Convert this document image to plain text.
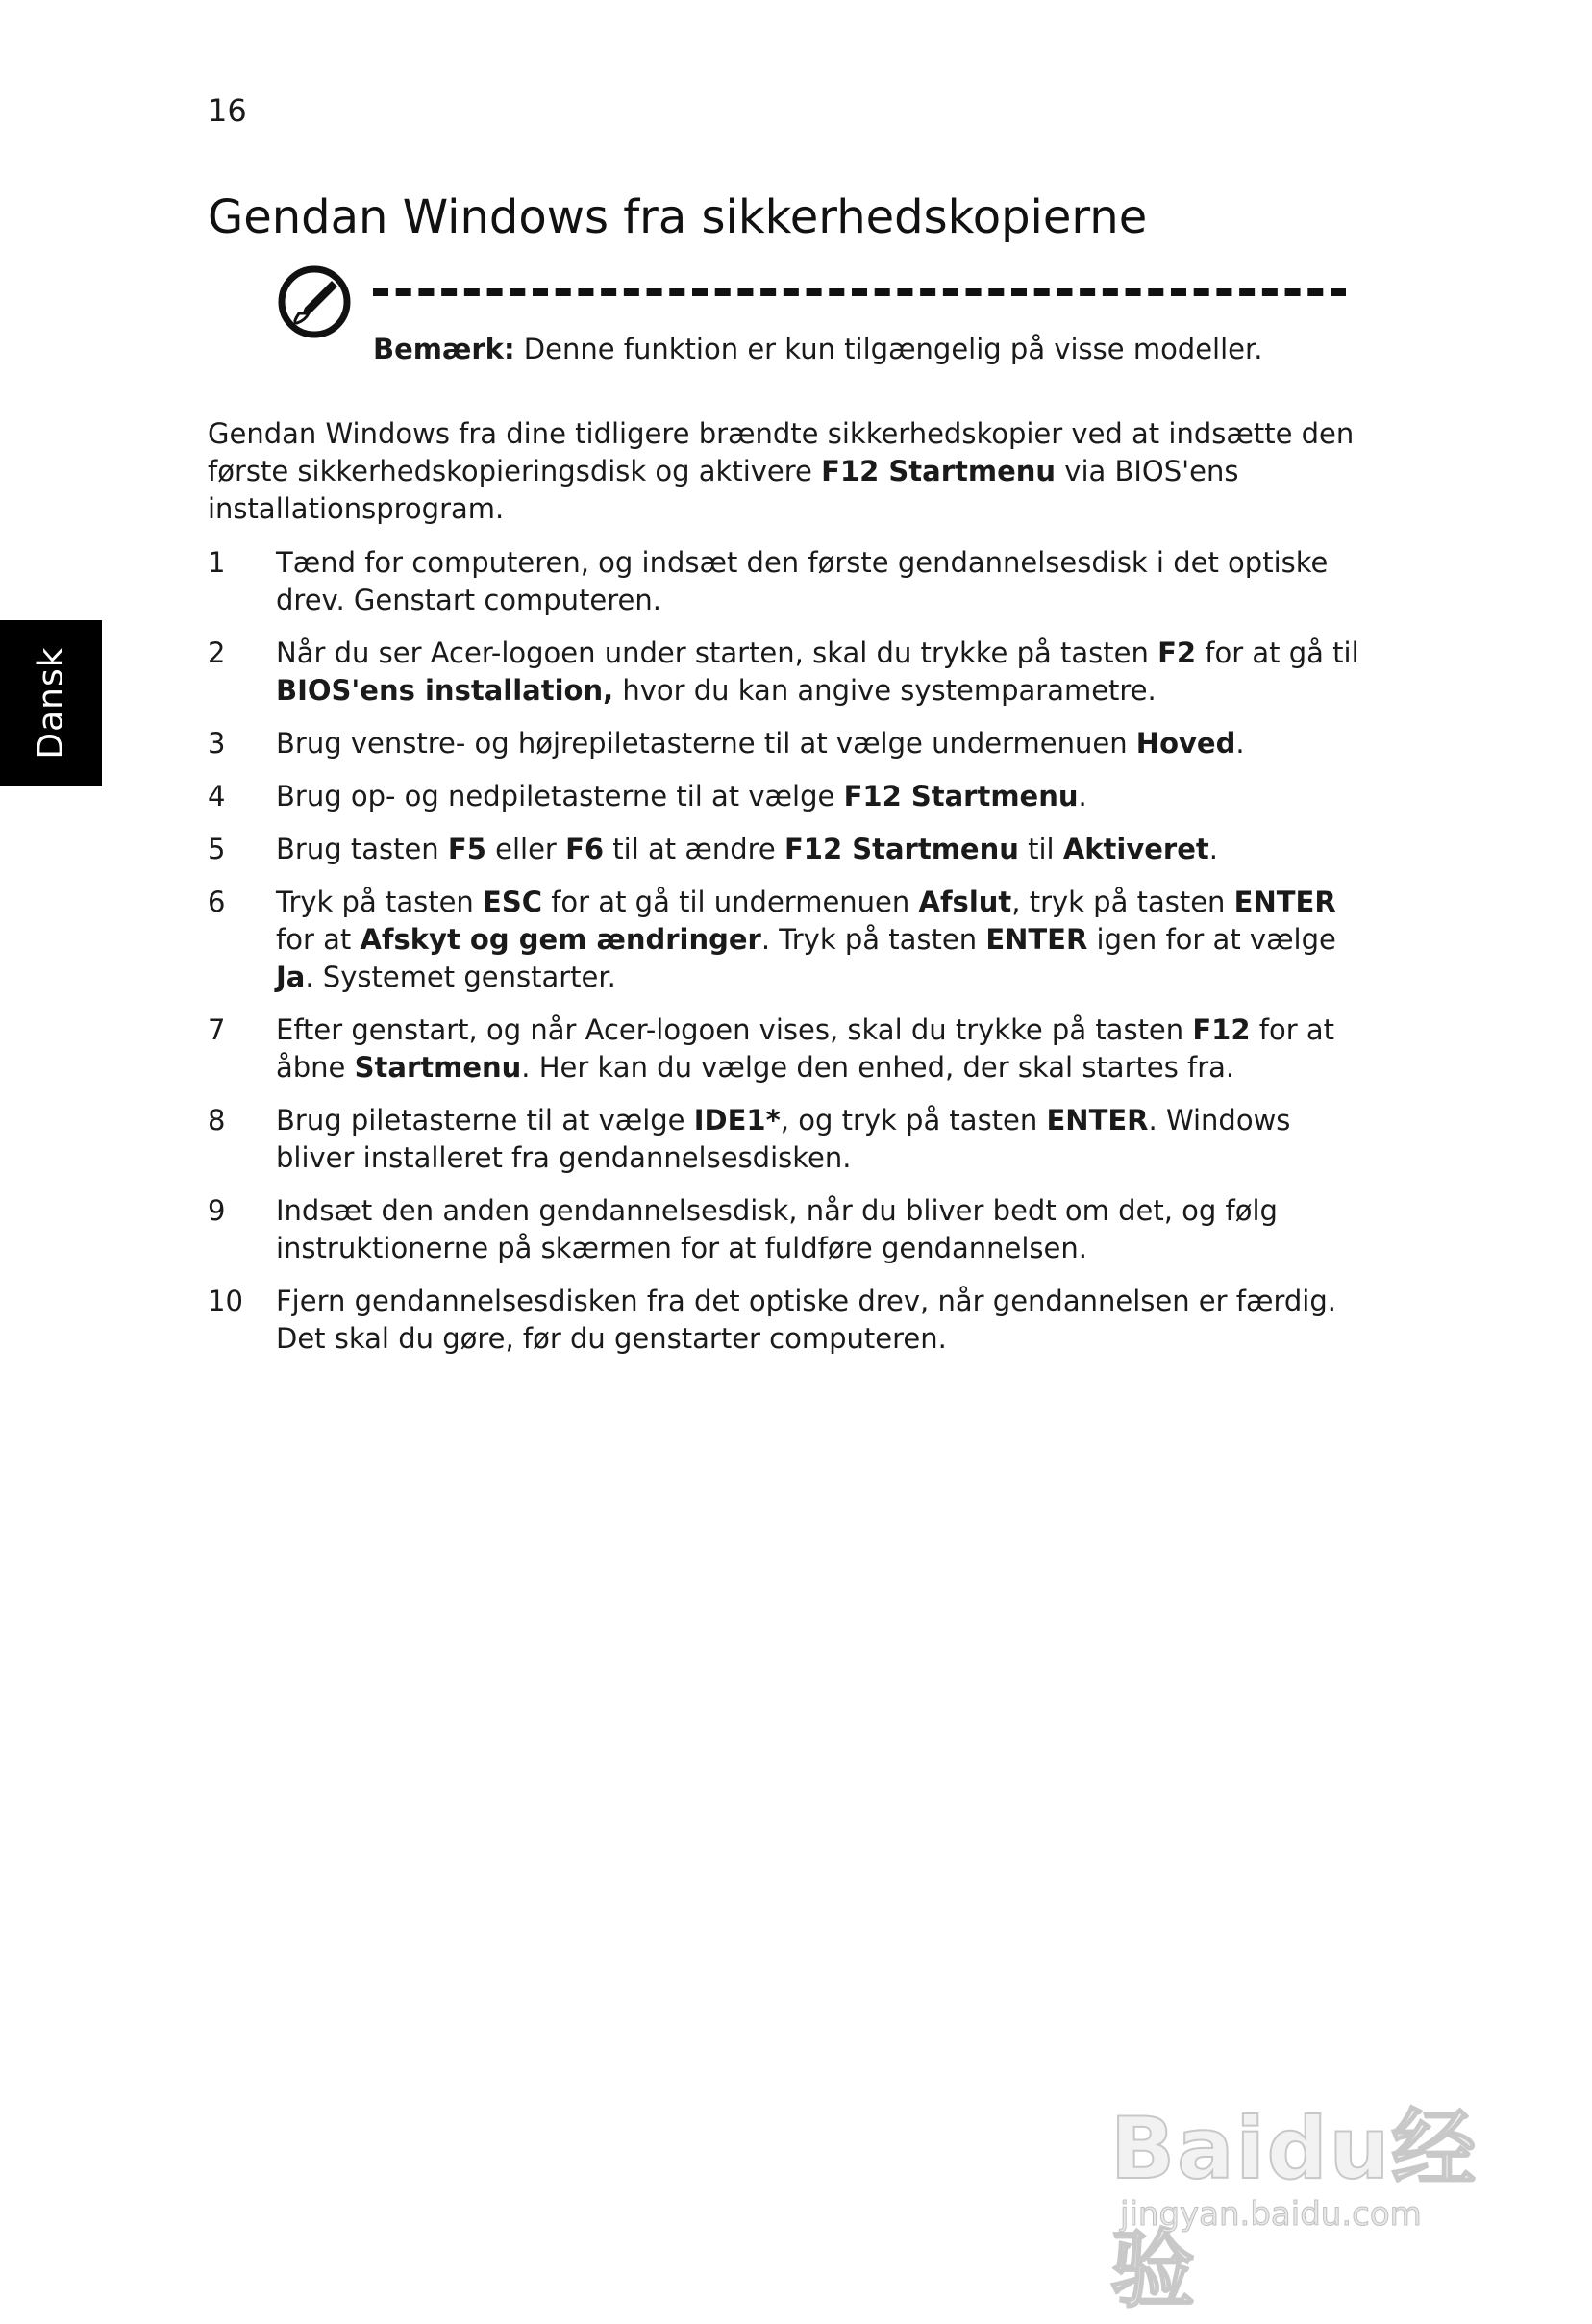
16
Dansk
Gendan Windows fra sikkerhedskopierne
Bemærk: Denne funktion er kun tilgængelig på visse modeller.
Gendan Windows fra dine tidligere brændte sikkerhedskopier ved at indsætte den første sikkerhedskopieringsdisk og aktivere F12 Startmenu via BIOS'ens installationsprogram.
1	Tænd for computeren, og indsæt den første gendannelsesdisk i det optiske drev. Genstart computeren.
2	Når du ser Acer-logoen under starten, skal du trykke på tasten F2 for at gå til BIOS'ens installation, hvor du kan angive systemparametre.
3	Brug venstre- og højrepiletasterne til at vælge undermenuen Hoved.
4	Brug op- og nedpiletasterne til at vælge F12 Startmenu.
5	Brug tasten F5 eller F6 til at ændre F12 Startmenu til Aktiveret.
6	Tryk på tasten ESC for at gå til undermenuen Afslut, tryk på tasten ENTER for at Afskyt og gem ændringer. Tryk på tasten ENTER igen for at vælge Ja. Systemet genstarter.
7	Efter genstart, og når Acer-logoen vises, skal du trykke på tasten F12 for at åbne Startmenu. Her kan du vælge den enhed, der skal startes fra.
8	Brug piletasterne til at vælge IDE1*, og tryk på tasten ENTER. Windows bliver installeret fra gendannelsesdisken.
9	Indsæt den anden gendannelsesdisk, når du bliver bedt om det, og følg instruktionerne på skærmen for at fuldføre gendannelsen.
10	Fjern gendannelsesdisken fra det optiske drev, når gendannelsen er færdig. Det skal du gøre, før du genstarter computeren.
Baidu经验
jingyan.baidu.com
